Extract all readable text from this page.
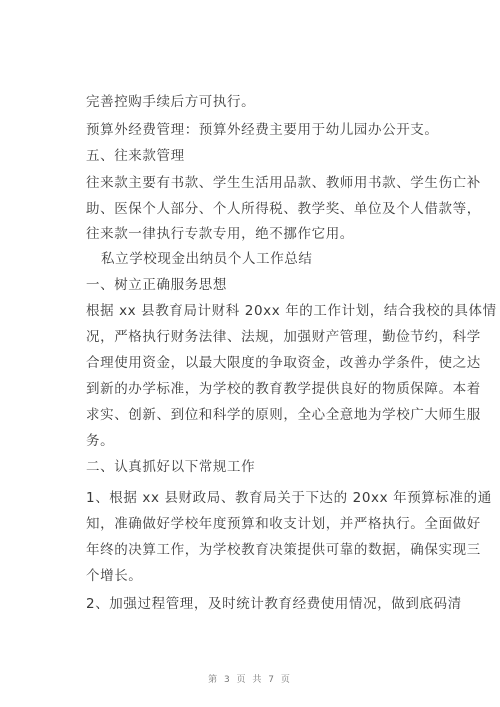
完善控购手续后方可执行。
预算外经费管理：预算外经费主要用于幼儿园办公开支。
五、往来款管理
往来款主要有书款、学生生活用品款、教师用书款、学生伤亡补
助、医保个人部分、个人所得税、教学奖、单位及个人借款等，
往来款一律执行专款专用，绝不挪作它用。
私立学校现金出纳员个人工作总结
一、树立正确服务思想
根据 xx 县教育局计财科 20xx 年的工作计划，结合我校的具体情
况，严格执行财务法律、法规，加强财产管理，勤俭节约，科学
合理使用资金，以最大限度的争取资金，改善办学条件，使之达
到新的办学标准，为学校的教育教学提供良好的物质保障。本着
求实、创新、到位和科学的原则，全心全意地为学校广大师生服
务。
二、认真抓好以下常规工作
1、根据 xx 县财政局、教育局关于下达的 20xx 年预算标准的通
知，准确做好学校年度预算和收支计划，并严格执行。全面做好
年终的决算工作，为学校教育决策提供可靠的数据，确保实现三
个增长。
2、加强过程管理，及时统计教育经费使用情况，做到底码清
第 3 页 共 7 页
